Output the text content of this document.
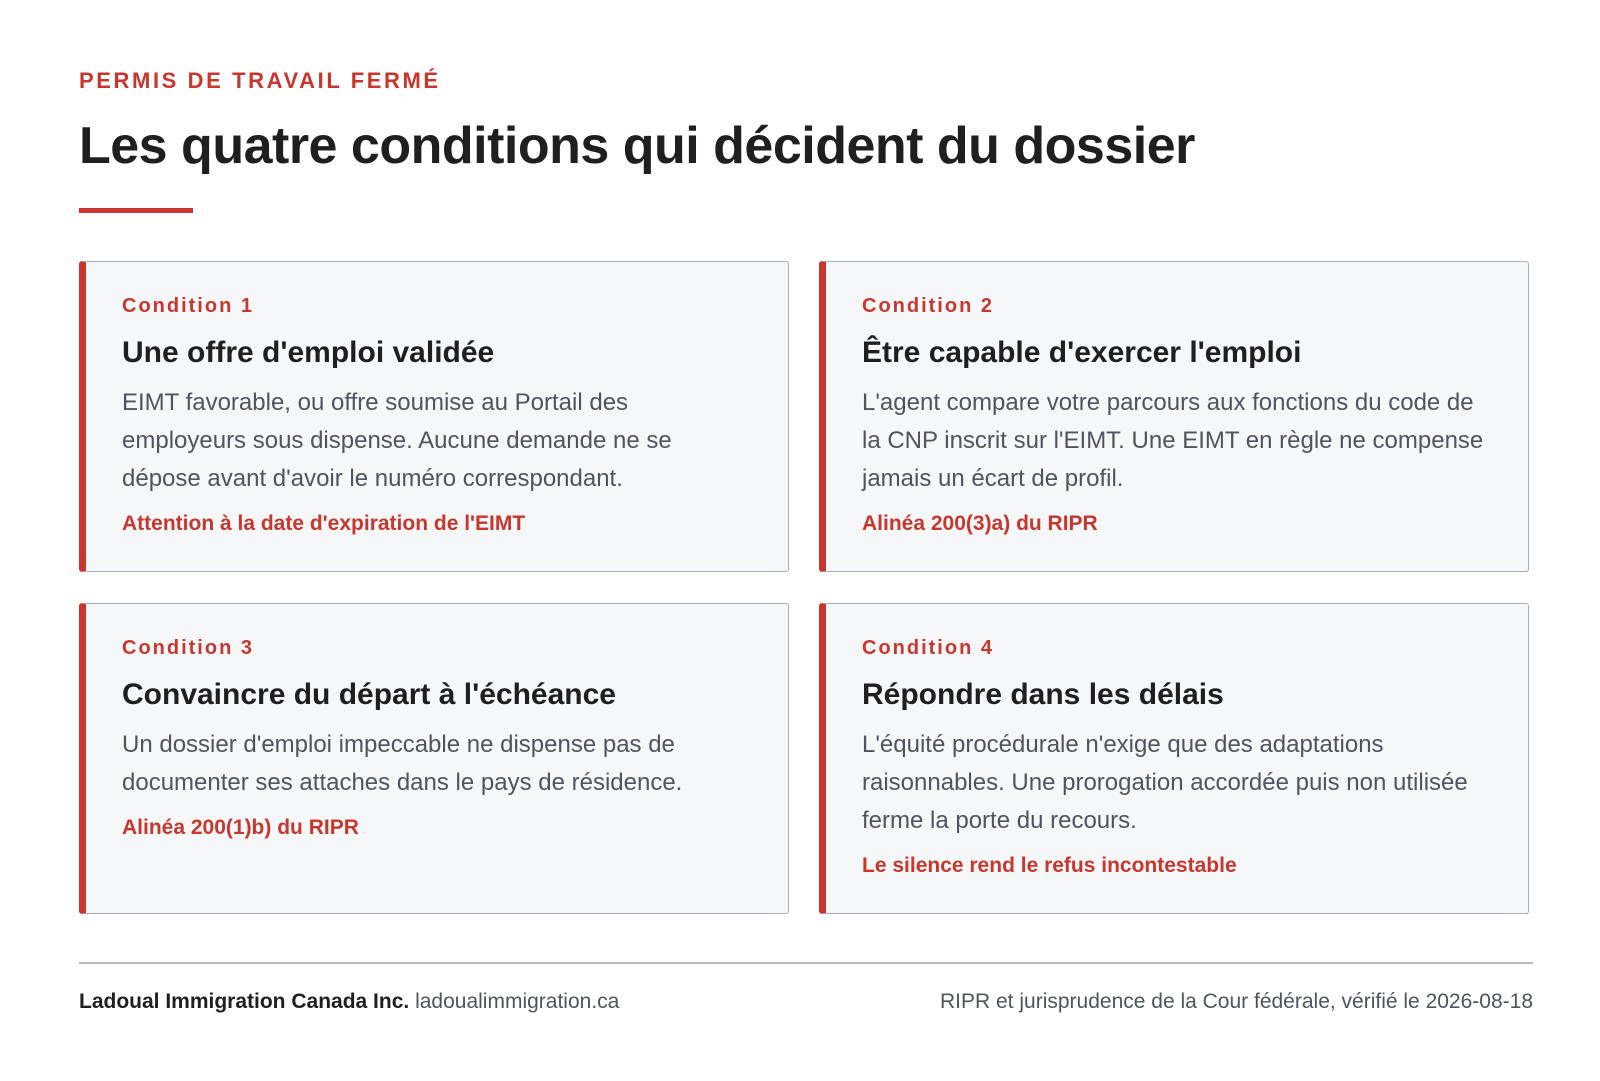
PERMIS DE TRAVAIL FERMÉ
Les quatre conditions qui décident du dossier
Condition 1
Une offre d'emploi validée
EIMT favorable, ou offre soumise au Portail des employeurs sous dispense. Aucune demande ne se dépose avant d'avoir le numéro correspondant.
Attention à la date d'expiration de l'EIMT
Condition 2
Être capable d'exercer l'emploi
L'agent compare votre parcours aux fonctions du code de la CNP inscrit sur l'EIMT. Une EIMT en règle ne compense jamais un écart de profil.
Alinéa 200(3)a) du RIPR
Condition 3
Convaincre du départ à l'échéance
Un dossier d'emploi impeccable ne dispense pas de documenter ses attaches dans le pays de résidence.
Alinéa 200(1)b) du RIPR
Condition 4
Répondre dans les délais
L'équité procédurale n'exige que des adaptations raisonnables. Une prorogation accordée puis non utilisée ferme la porte du recours.
Le silence rend le refus incontestable
Ladoual Immigration Canada Inc. ladoualimmigration.ca	RIPR et jurisprudence de la Cour fédérale, vérifié le 2026-08-18
